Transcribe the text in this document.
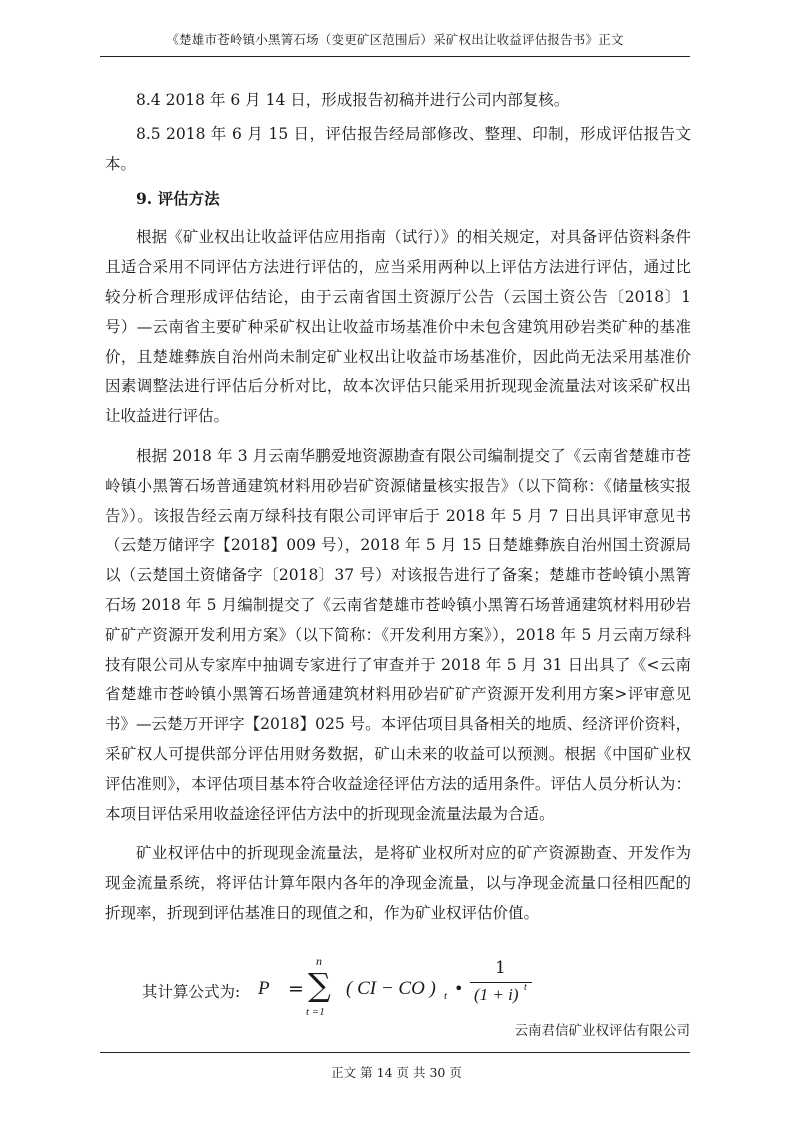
《楚雄市苍岭镇小黑箐石场（变更矿区范围后）采矿权出让收益评估报告书》正文

8.4 2018 年 6 月 14 日，形成报告初稿并进行公司内部复核。

8.5 2018 年 6 月 15 日，评估报告经局部修改、整理、印制，形成评估报告文本。

9. 评估方法

根据《矿业权出让收益评估应用指南（试行）》的相关规定，对具备评估资料条件且适合采用不同评估方法进行评估的，应当采用两种以上评估方法进行评估，通过比较分析合理形成评估结论，由于云南省国土资源厅公告（云国土资公告〔2018〕1 号）—云南省主要矿种采矿权出让收益市场基准价中未包含建筑用砂岩类矿种的基准价，且楚雄彝族自治州尚未制定矿业权出让收益市场基准价，因此尚无法采用基准价因素调整法进行评估后分析对比，故本次评估只能采用折现现金流量法对该采矿权出让收益进行评估。

根据 2018 年 3 月云南华鹏爱地资源勘查有限公司编制提交了《云南省楚雄市苍岭镇小黑箐石场普通建筑材料用砂岩矿资源储量核实报告》（以下简称：《储量核实报告》）。该报告经云南万绿科技有限公司评审后于 2018 年 5 月 7 日出具评审意见书（云楚万储评字【2018】009 号），2018 年 5 月 15 日楚雄彝族自治州国土资源局以（云楚国土资储备字〔2018〕37 号）对该报告进行了备案；楚雄市苍岭镇小黑箐石场 2018 年 5 月编制提交了《云南省楚雄市苍岭镇小黑箐石场普通建筑材料用砂岩矿矿产资源开发利用方案》（以下简称：《开发利用方案》），2018 年 5 月云南万绿科技有限公司从专家库中抽调专家进行了审查并于 2018 年 5 月 31 日出具了《<云南省楚雄市苍岭镇小黑箐石场普通建筑材料用砂岩矿矿产资源开发利用方案>评审意见书》—云楚万开评字【2018】025 号。本评估项目具备相关的地质、经济评价资料，采矿权人可提供部分评估用财务数据，矿山未来的收益可以预测。根据《中国矿业权评估准则》，本评估项目基本符合收益途径评估方法的适用条件。评估人员分析认为：本项目评估采用收益途径评估方法中的折现现金流量法最为合适。

矿业权评估中的折现现金流量法，是将矿业权所对应的矿产资源勘查、开发作为现金流量系统，将评估计算年限内各年的净现金流量，以与净现金流量口径相匹配的折现率，折现到评估基准日的现值之和，作为矿业权评估价值。

其计算公式为: P = ∑
n
t =1
( CI − CO ) t •
1
(1 + i) t
云南君信矿业权评估有限公司
正文 第 14 页 共 30 页
